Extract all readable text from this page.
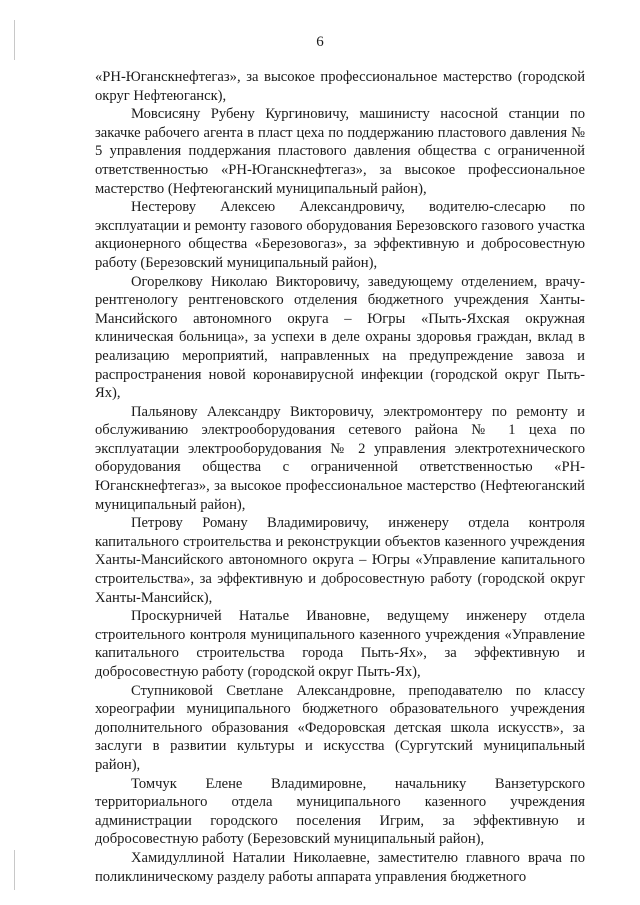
6

«РН-Юганскнефтегаз», за высокое профессиональное мастерство (городской округ Нефтеюганск),

Мовсисяну Рубену Кургиновичу, машинисту насосной станции по закачке рабочего агента в пласт цеха по поддержанию пластового давления № 5 управления поддержания пластового давления общества с ограниченной ответственностью «РН-Юганскнефтегаз», за высокое профессиональное мастерство (Нефтеюганский муниципальный район),

Нестерову Алексею Александровичу, водителю-слесарю по эксплуатации и ремонту газового оборудования Березовского газового участка акционерного общества «Березовогаз», за эффективную и добросовестную работу (Березовский муниципальный район),

Огорелкову Николаю Викторовичу, заведующему отделением, врачу-рентгенологу рентгеновского отделения бюджетного учреждения Ханты-Мансийского автономного округа – Югры «Пыть-Яхская окружная клиническая больница», за успехи в деле охраны здоровья граждан, вклад в реализацию мероприятий, направленных на предупреждение завоза и распространения новой коронавирусной инфекции (городской округ Пыть-Ях),

Пальянову Александру Викторовичу, электромонтеру по ремонту и обслуживанию электрооборудования сетевого района № 1 цеха по эксплуатации электрооборудования № 2 управления электротехнического оборудования общества с ограниченной ответственностью «РН-Юганскнефтегаз», за высокое профессиональное мастерство (Нефтеюганский муниципальный район),

Петрову Роману Владимировичу, инженеру отдела контроля капитального строительства и реконструкции объектов казенного учреждения Ханты-Мансийского автономного округа – Югры «Управление капитального строительства», за эффективную и добросовестную работу (городской округ Ханты-Мансийск),

Проскурничей Наталье Ивановне, ведущему инженеру отдела строительного контроля муниципального казенного учреждения «Управление капитального строительства города Пыть-Ях», за эффективную и добросовестную работу (городской округ Пыть-Ях),

Ступниковой Светлане Александровне, преподавателю по классу хореографии муниципального бюджетного образовательного учреждения дополнительного образования «Федоровская детская школа искусств», за заслуги в развитии культуры и искусства (Сургутский муниципальный район),

Томчук Елене Владимировне, начальнику Ванзетурского территориального отдела муниципального казенного учреждения администрации городского поселения Игрим, за эффективную и добросовестную работу (Березовский муниципальный район),

Хамидуллиной Наталии Николаевне, заместителю главного врача по поликлиническому разделу работы аппарата управления бюджетного
